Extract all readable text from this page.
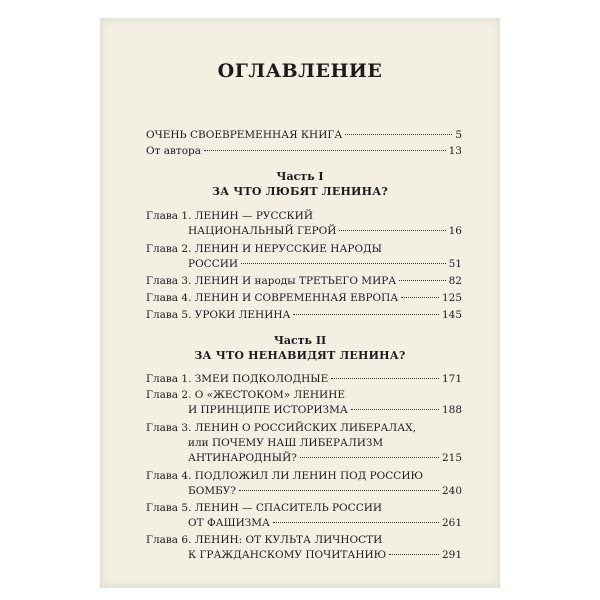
ОГЛАВЛЕНИЕ
ОЧЕНЬ СВОЕВРЕМЕННАЯ КНИГА	5
От автора	13
Часть I
ЗА ЧТО ЛЮБЯТ ЛЕНИНА?
Глава 1. ЛЕНИН — РУССКИЙ
НАЦИОНАЛЬНЫЙ ГЕРОЙ	16
Глава 2. ЛЕНИН И НЕРУССКИЕ НАРОДЫ
РОССИИ	51
Глава 3. ЛЕНИН И народы ТРЕТЬЕГО МИРА	82
Глава 4. ЛЕНИН И СОВРЕМЕННАЯ ЕВРОПА	125
Глава 5. УРОКИ ЛЕНИНА	145
Часть II
ЗА ЧТО НЕНАВИДЯТ ЛЕНИНА?
Глава 1. ЗМЕИ ПОДКОЛОДНЫЕ	171
Глава 2. О «ЖЕСТОКОМ» ЛЕНИНЕ
И ПРИНЦИПЕ ИСТОРИЗМА	188
Глава 3. ЛЕНИН О РОССИЙСКИХ ЛИБЕРАЛАХ,
или ПОЧЕМУ НАШ ЛИБЕРАЛИЗМ
АНТИНАРОДНЫЙ?	215
Глава 4. ПОДЛОЖИЛ ЛИ ЛЕНИН ПОД РОССИЮ
БОМБУ?	240
Глава 5. ЛЕНИН — СПАСИТЕЛЬ РОССИИ
ОТ ФАШИЗМА	261
Глава 6. ЛЕНИН: ОТ КУЛЬТА ЛИЧНОСТИ
К ГРАЖДАНСКОМУ ПОЧИТАНИЮ	291
